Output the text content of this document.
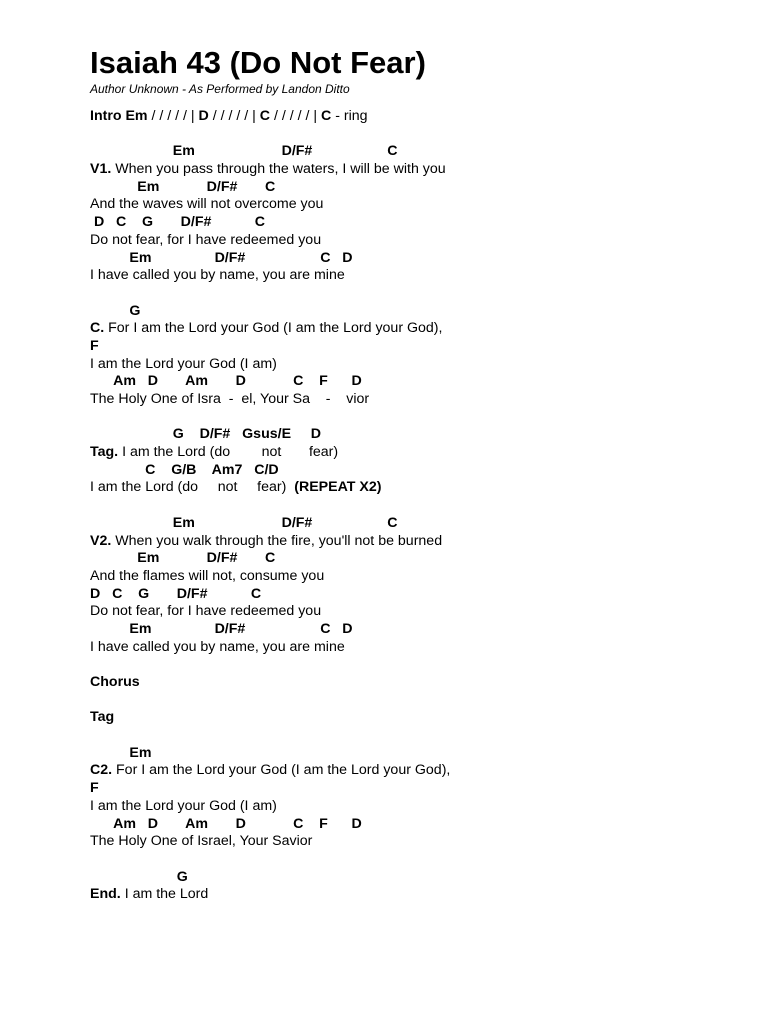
Isaiah 43 (Do Not Fear)

Author Unknown - As Performed by Landon Ditto

Intro Em / / / / / | D / / / / / | C / / / / / | C - ring
Em                      D/F#                   C
V1. When you pass through the waters, I will be with you
Em            D/F#       C
And the waves will not overcome you
D   C    G       D/F#           C
Do not fear, for I have redeemed you
Em                D/F#                   C   D
I have called you by name, you are mine
G
C. For I am the Lord your God (I am the Lord your God),
F
I am the Lord your God (I am)
Am   D       Am       D            C    F      D
The Holy One of Isra  -  el, Your Sa    -    vior
G    D/F#   Gsus/E     D
Tag. I am the Lord (do        not       fear)
C    G/B    Am7   C/D
I am the Lord (do     not     fear)  (REPEAT X2)
Em                      D/F#                   C
V2. When you walk through the fire, you'll not be burned
Em            D/F#       C
And the flames will not, consume you
D   C    G       D/F#           C
Do not fear, for I have redeemed you
Em                D/F#                   C   D
I have called you by name, you are mine
Chorus
Tag
Em
C2. For I am the Lord your God (I am the Lord your God),
F
I am the Lord your God (I am)
Am   D       Am       D            C    F      D
The Holy One of Israel, Your Savior
G
End. I am the Lord
